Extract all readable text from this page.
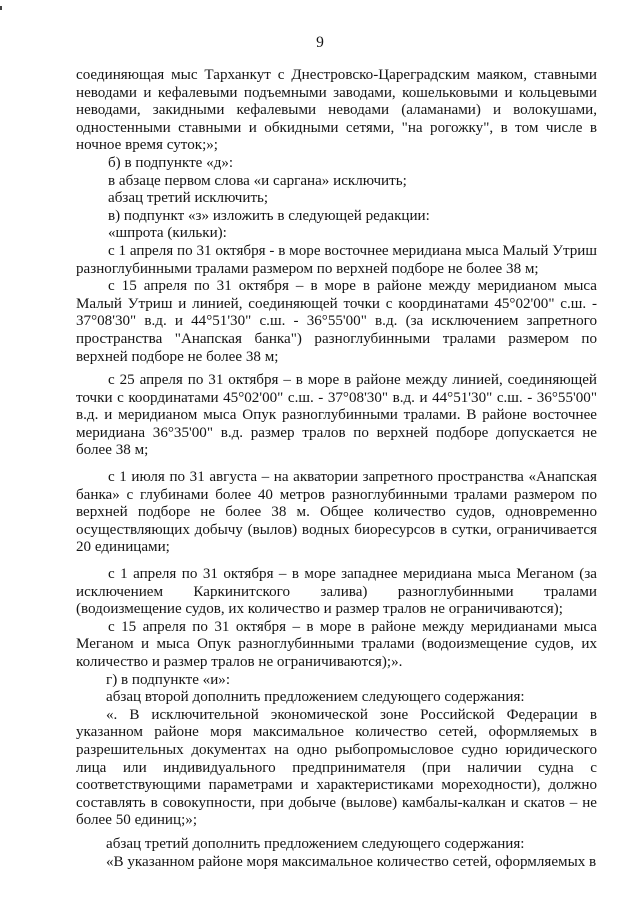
9

соединяющая мыс Тарханкут с Днестровско-Цареградским маяком, ставными неводами и кефалевыми подъемными заводами, кошельковыми и кольцевыми неводами, закидными кефалевыми неводами (аламанами) и волокушами, одностенными ставными и обкидными сетями, "на рогожку", в том числе в ночное время суток;»;

б) в подпункте «д»:

в абзаце первом слова «и саргана» исключить;

абзац третий исключить;

в) подпункт «з» изложить в следующей редакции:

«шпрота (кильки):

с 1 апреля по 31 октября - в море восточнее меридиана мыса Малый Утриш разноглубинными тралами размером по верхней подборе не более 38 м;

с 15 апреля по 31 октября – в море в районе между меридианом мыса Малый Утриш и линией, соединяющей точки с координатами 45°02'00" с.ш. - 37°08'30" в.д. и 44°51'30" с.ш. - 36°55'00" в.д. (за исключением запретного пространства "Анапская банка") разноглубинными тралами размером по верхней подборе не более 38 м;

с 25 апреля по 31 октября – в море в районе между линией, соединяющей точки с координатами 45°02'00" с.ш. - 37°08'30" в.д. и 44°51'30" с.ш. - 36°55'00" в.д. и меридианом мыса Опук разноглубинными тралами. В районе восточнее меридиана 36°35'00" в.д. размер тралов по верхней подборе допускается не более 38 м;

с 1 июля по 31 августа – на акватории запретного пространства «Анапская банка» с глубинами более 40 метров разноглубинными тралами размером по верхней подборе не более 38 м. Общее количество судов, одновременно осуществляющих добычу (вылов) водных биоресурсов в сутки, ограничивается 20 единицами;

с 1 апреля по 31 октября – в море западнее меридиана мыса Меганом (за исключением Каркинитского залива) разноглубинными тралами (водоизмещение судов, их количество и размер тралов не ограничиваются);

с 15 апреля по 31 октября – в море в районе между меридианами мыса Меганом и мыса Опук разноглубинными тралами (водоизмещение судов, их количество и размер тралов не ограничиваются);».

г) в подпункте «и»:

абзац второй дополнить предложением следующего содержания:

«. В исключительной экономической зоне Российской Федерации в указанном районе моря максимальное количество сетей, оформляемых в разрешительных документах на одно рыбопромысловое судно юридического лица или индивидуального предпринимателя (при наличии судна с соответствующими параметрами и характеристиками мореходности), должно составлять в совокупности, при добыче (вылове) камбалы-калкан и скатов – не более 50 единиц;»;

абзац третий дополнить предложением следующего содержания:

«В указанном районе моря максимальное количество сетей, оформляемых в
